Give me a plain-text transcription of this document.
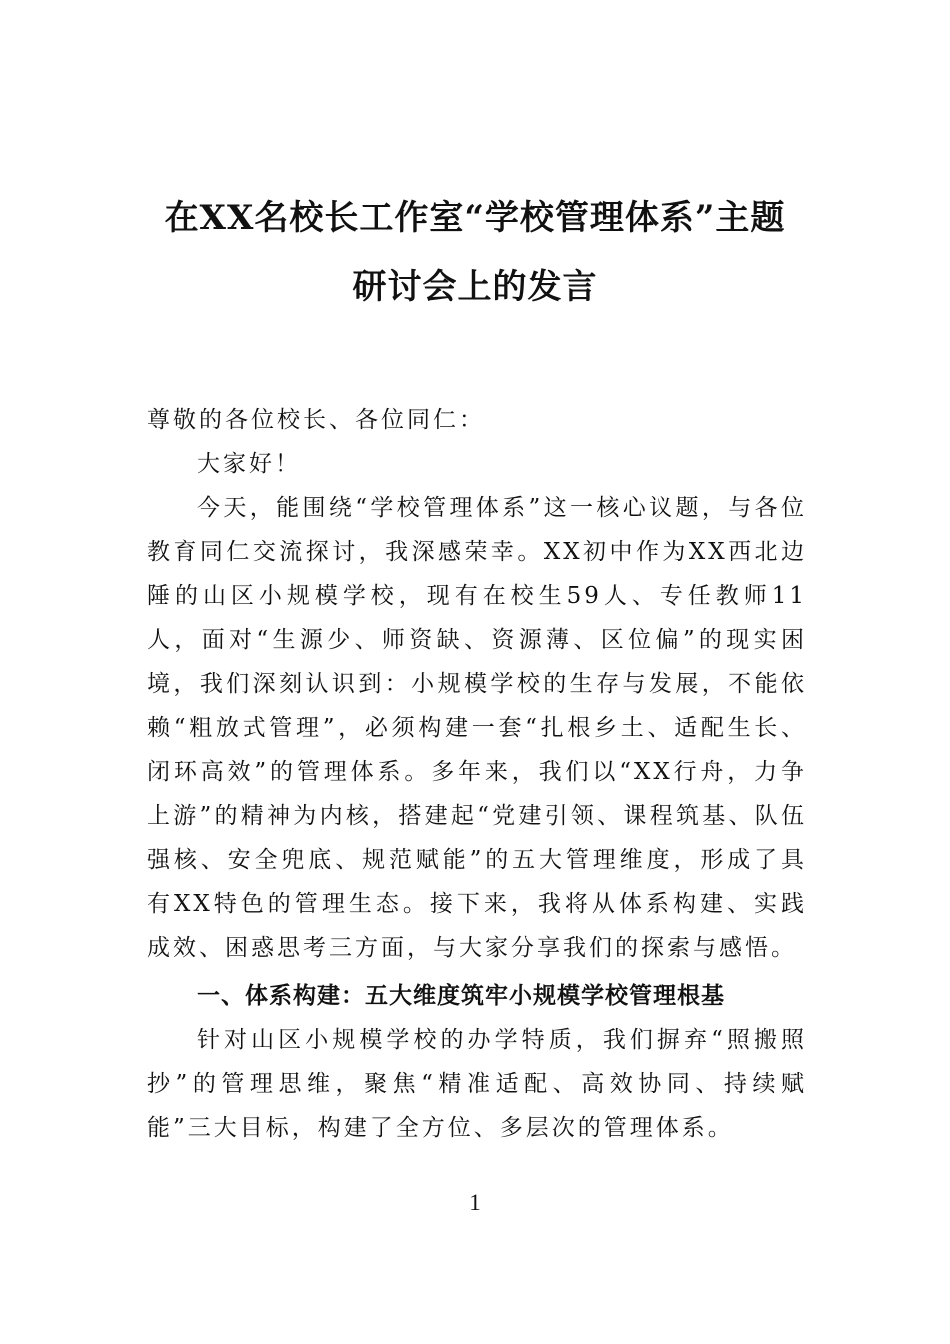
在XX名校长工作室“学校管理体系”主题
研讨会上的发言

尊敬的各位校长、各位同仁：

大家好！

今天，能围绕“学校管理体系”这一核心议题，与各位教育同仁交流探讨，我深感荣幸。XX初中作为XX西北边陲的山区小规模学校，现有在校生59人、专任教师11人，面对“生源少、师资缺、资源薄、区位偏”的现实困境，我们深刻认识到：小规模学校的生存与发展，不能依赖“粗放式管理”，必须构建一套“扎根乡土、适配生长、闭环高效”的管理体系。多年来，我们以“XX行舟，力争上游”的精神为内核，搭建起“党建引领、课程筑基、队伍强核、安全兜底、规范赋能”的五大管理维度，形成了具有XX特色的管理生态。接下来，我将从体系构建、实践成效、困惑思考三方面，与大家分享我们的探索与感悟。

一、体系构建：五大维度筑牢小规模学校管理根基

针对山区小规模学校的办学特质，我们摒弃“照搬照抄”的管理思维，聚焦“精准适配、高效协同、持续赋能”三大目标，构建了全方位、多层次的管理体系。

1
